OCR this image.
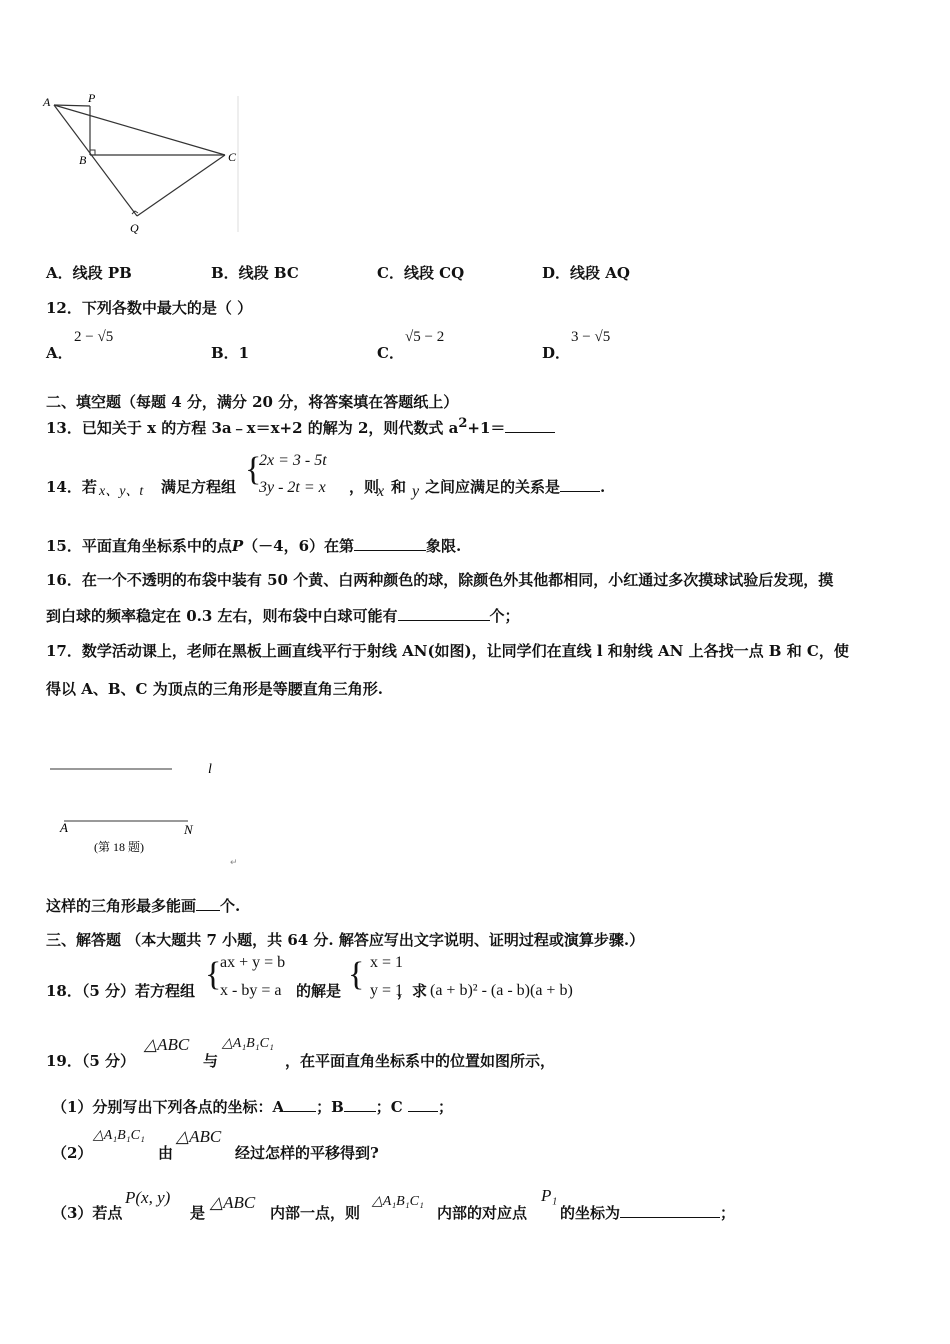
A	P
B	C
Q
A．线段 PB	B．线段 BC	C．线段 CQ	D．线段 AQ
12．下列各数中最大的是（ ）
A．
2 − √5
B．1	C．
√5 − 2
D．
3 − √5
二、填空题（每题 4 分，满分 20 分，将答案填在答题纸上）
13．已知关于 x 的方程 3a﹣x＝x+2 的解为 2，则代数式 $a^2+1=$
14．若 x、y、t 满足方程组 {
2x = 3 - 5t
3y - 2t = x ，则
x 和 y 之间应满足的关系是	.
15．平面直角坐标系中的点P（－4，6）在第	象限.
16．在一个不透明的布袋中装有 50 个黄、白两种颜色的球，除颜色外其他都相同，小红通过多次摸球试验后发现，摸
到白球的频率稳定在 0.3 左右，则布袋中白球可能有	个；
17．数学活动课上，老师在黑板上画直线平行于射线 AN(如图)，让同学们在直线 l 和射线 AN 上各找一点 B 和 C，使
得以 A、B、C 为顶点的三角形是等腰直角三角形.
l
A	N
(第 18 题)
↵
这样的三角形最多能画 个.
三、解答题 （本大题共 7 小题，共 64 分. 解答应写出文字说明、证明过程或演算步骤.）
18．（5 分）若方程组 {
ax + y = b
x - by = a 的解是 { x = 1
y = 1
，求 (a + b)² - (a - b)(a + b)
19．（5 分）
△ABC
与
△A₁B₁C₁
，在平面直角坐标系中的位置如图所示，
（1）分别写出下列各点的坐标：A ；B ；C ；
（2）
△A₁B₁C₁
由
△ABC
经过怎样的平移得到?
（3）若点
P(x, y)
是
△ABC
内部一点，则
△A₁B₁C₁
内部的对应点
P₁
的坐标为	；
